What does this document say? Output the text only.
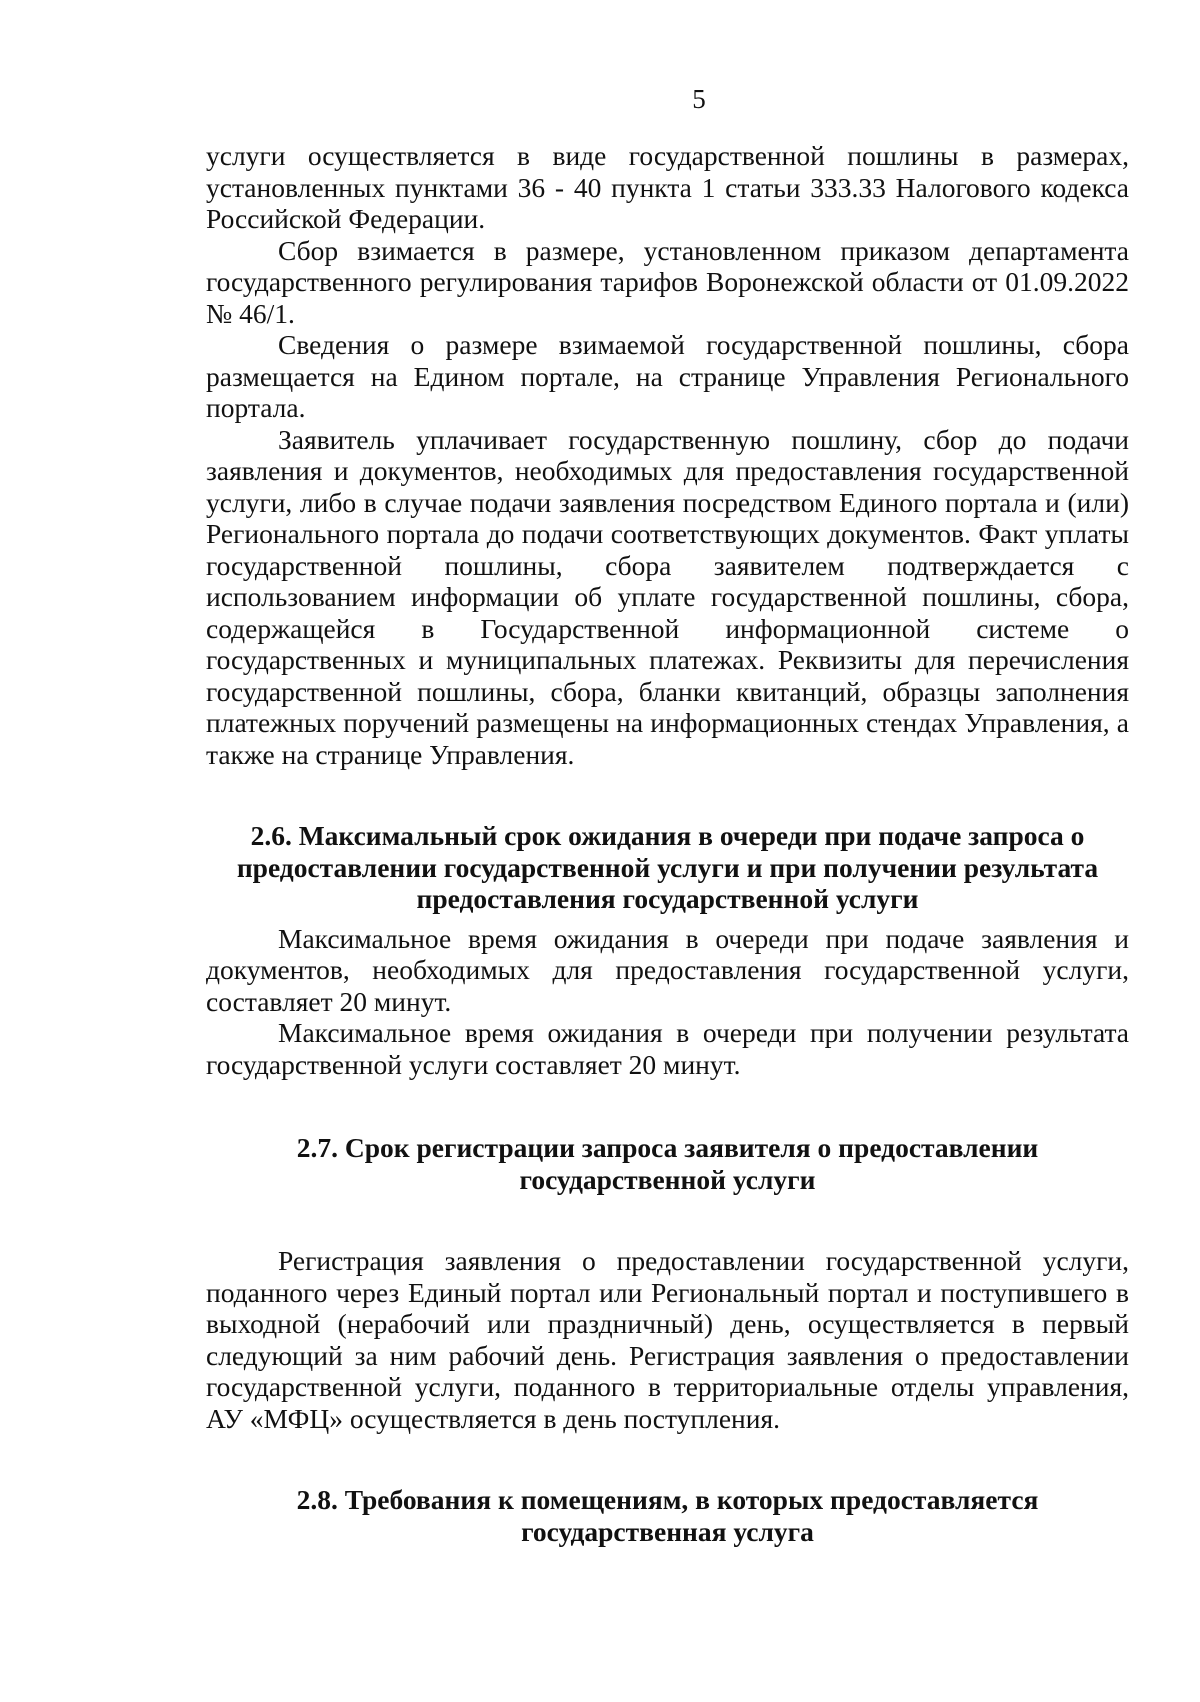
5

услуги осуществляется в виде государственной пошлины в размерах, установленных пунктами 36 - 40 пункта 1 статьи 333.33 Налогового кодекса Российской Федерации.

Сбор взимается в размере, установленном приказом департамента государственного регулирования тарифов Воронежской области от 01.09.2022 № 46/1.

Сведения о размере взимаемой государственной пошлины, сбора размещается на Едином портале, на странице Управления Регионального портала.

Заявитель уплачивает государственную пошлину, сбор до подачи заявления и документов, необходимых для предоставления государственной услуги, либо в случае подачи заявления посредством Единого портала и (или) Регионального портала до подачи соответствующих документов. Факт уплаты государственной пошлины, сбора заявителем подтверждается с использованием информации об уплате государственной пошлины, сбора, содержащейся в Государственной информационной системе о государственных и муниципальных платежах. Реквизиты для перечисления государственной пошлины, сбора, бланки квитанций, образцы заполнения платежных поручений размещены на информационных стендах Управления, а также на странице Управления.

2.6. Максимальный срок ожидания в очереди при подаче запроса о предоставлении государственной услуги и при получении результата предоставления государственной услуги

Максимальное время ожидания в очереди при подаче заявления и документов, необходимых для предоставления государственной услуги, составляет 20 минут.

Максимальное время ожидания в очереди при получении результата государственной услуги составляет 20 минут.

2.7. Срок регистрации запроса заявителя о предоставлении государственной услуги

Регистрация заявления о предоставлении государственной услуги, поданного через Единый портал или Региональный портал и поступившего в выходной (нерабочий или праздничный) день, осуществляется в первый следующий за ним рабочий день. Регистрация заявления о предоставлении государственной услуги, поданного в территориальные отделы управления, АУ «МФЦ» осуществляется в день поступления.

2.8. Требования к помещениям, в которых предоставляется государственная услуга
